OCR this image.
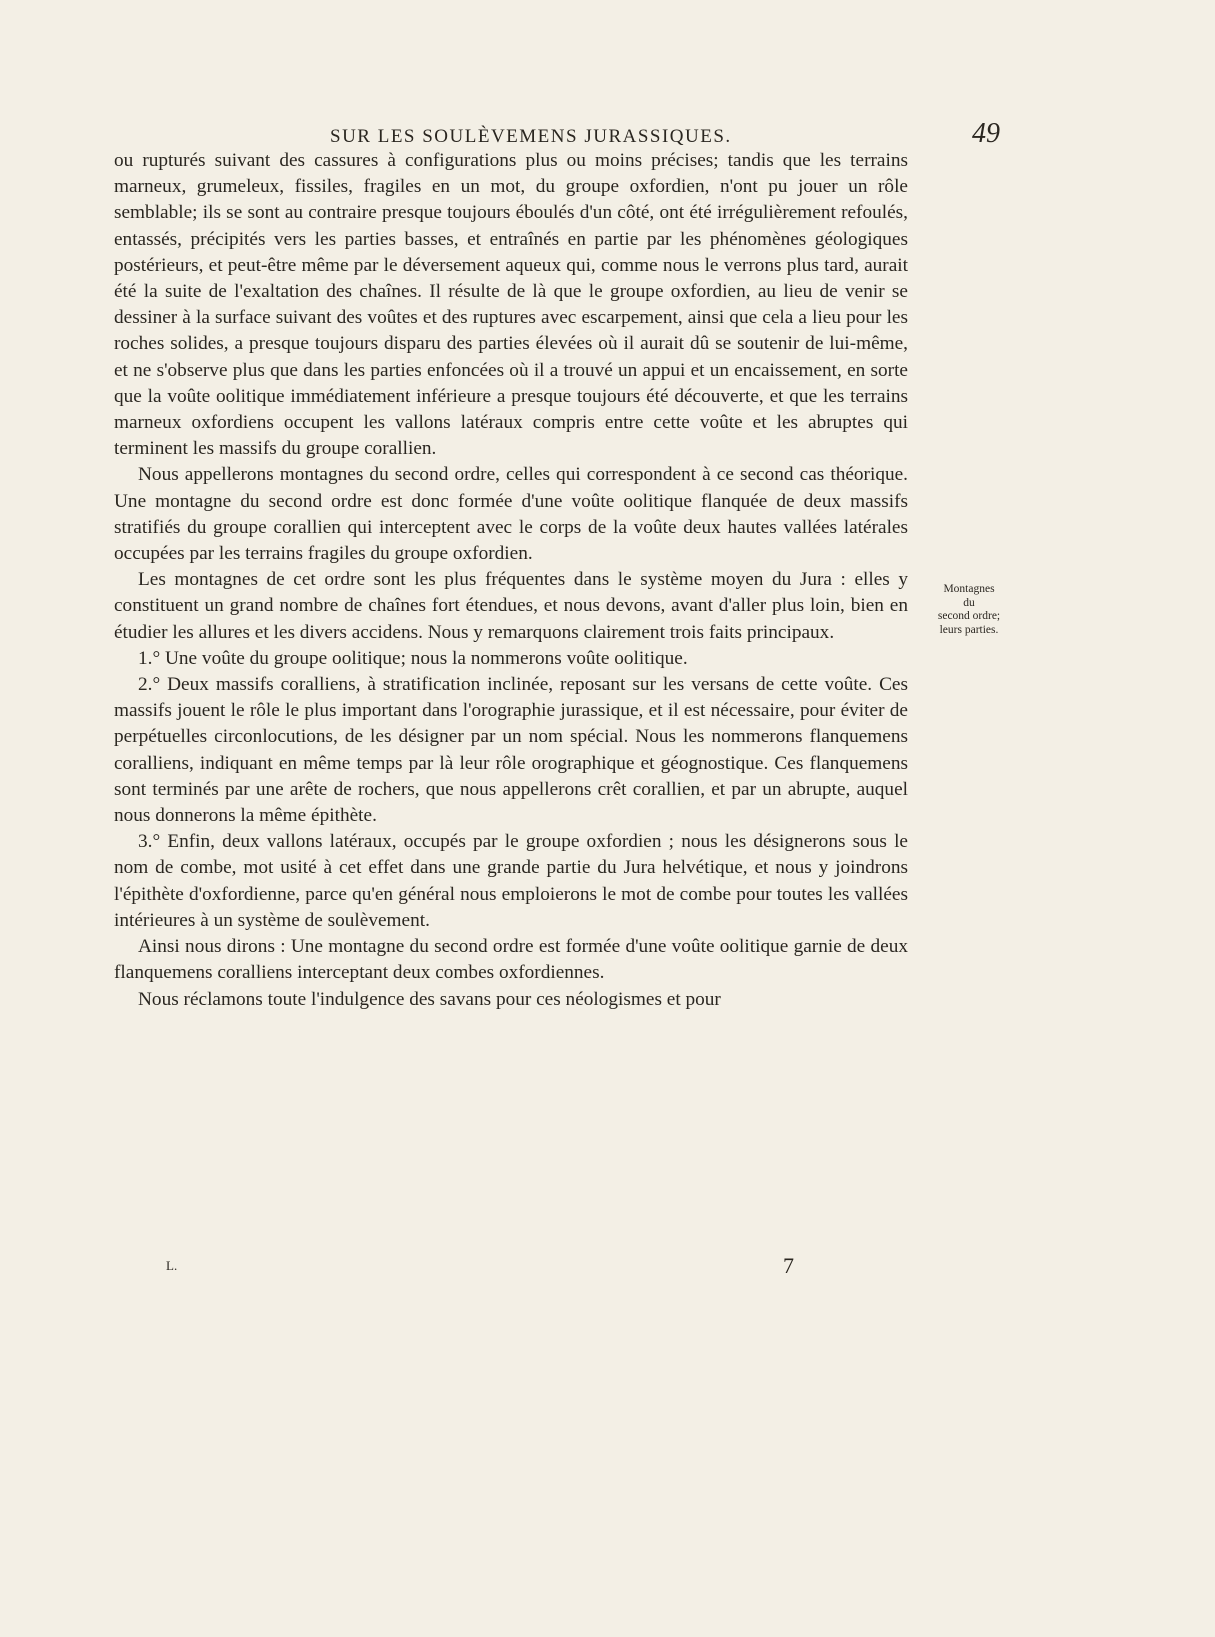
SUR LES SOULÈVEMENS JURASSIQUES.	49

ou rupturés suivant des cassures à configurations plus ou moins précises; tandis que les terrains marneux, grumeleux, fissiles, fragiles en un mot, du groupe oxfordien, n'ont pu jouer un rôle semblable; ils se sont au contraire presque toujours éboulés d'un côté, ont été irrégulièrement refoulés, entassés, précipités vers les parties basses, et entraînés en partie par les phénomènes géologiques postérieurs, et peut-être même par le déversement aqueux qui, comme nous le verrons plus tard, aurait été la suite de l'exaltation des chaînes. Il résulte de là que le groupe oxfordien, au lieu de venir se dessiner à la surface suivant des voûtes et des ruptures avec escarpement, ainsi que cela a lieu pour les roches solides, a presque toujours disparu des parties élevées où il aurait dû se soutenir de lui-même, et ne s'observe plus que dans les parties enfoncées où il a trouvé un appui et un encaissement, en sorte que la voûte oolitique immédiatement inférieure a presque toujours été découverte, et que les terrains marneux oxfordiens occupent les vallons latéraux compris entre cette voûte et les abruptes qui terminent les massifs du groupe corallien.

Nous appellerons montagnes du second ordre, celles qui correspondent à ce second cas théorique. Une montagne du second ordre est donc formée d'une voûte oolitique flanquée de deux massifs stratifiés du groupe corallien qui interceptent avec le corps de la voûte deux hautes vallées latérales occupées par les terrains fragiles du groupe oxfordien.

Les montagnes de cet ordre sont les plus fréquentes dans le système moyen du Jura : elles y constituent un grand nombre de chaînes fort étendues, et nous devons, avant d'aller plus loin, bien en étudier les allures et les divers accidens. Nous y remarquons clairement trois faits principaux.

1.° Une voûte du groupe oolitique; nous la nommerons voûte oolitique.

2.° Deux massifs coralliens, à stratification inclinée, reposant sur les versans de cette voûte. Ces massifs jouent le rôle le plus important dans l'orographie jurassique, et il est nécessaire, pour éviter de perpétuelles circonlocutions, de les désigner par un nom spécial. Nous les nommerons flanquemens coralliens, indiquant en même temps par là leur rôle orographique et géognostique. Ces flanquemens sont terminés par une arête de rochers, que nous appellerons crêt corallien, et par un abrupte, auquel nous donnerons la même épithète.

3.° Enfin, deux vallons latéraux, occupés par le groupe oxfordien ; nous les désignerons sous le nom de combe, mot usité à cet effet dans une grande partie du Jura helvétique, et nous y joindrons l'épithète d'oxfordienne, parce qu'en général nous emploierons le mot de combe pour toutes les vallées intérieures à un système de soulèvement.

Ainsi nous dirons : Une montagne du second ordre est formée d'une voûte oolitique garnie de deux flanquemens coralliens interceptant deux combes oxfordiennes.

Nous réclamons toute l'indulgence des savans pour ces néologismes et pour

Montagnes
du
second ordre;
leurs parties.
L.	7
